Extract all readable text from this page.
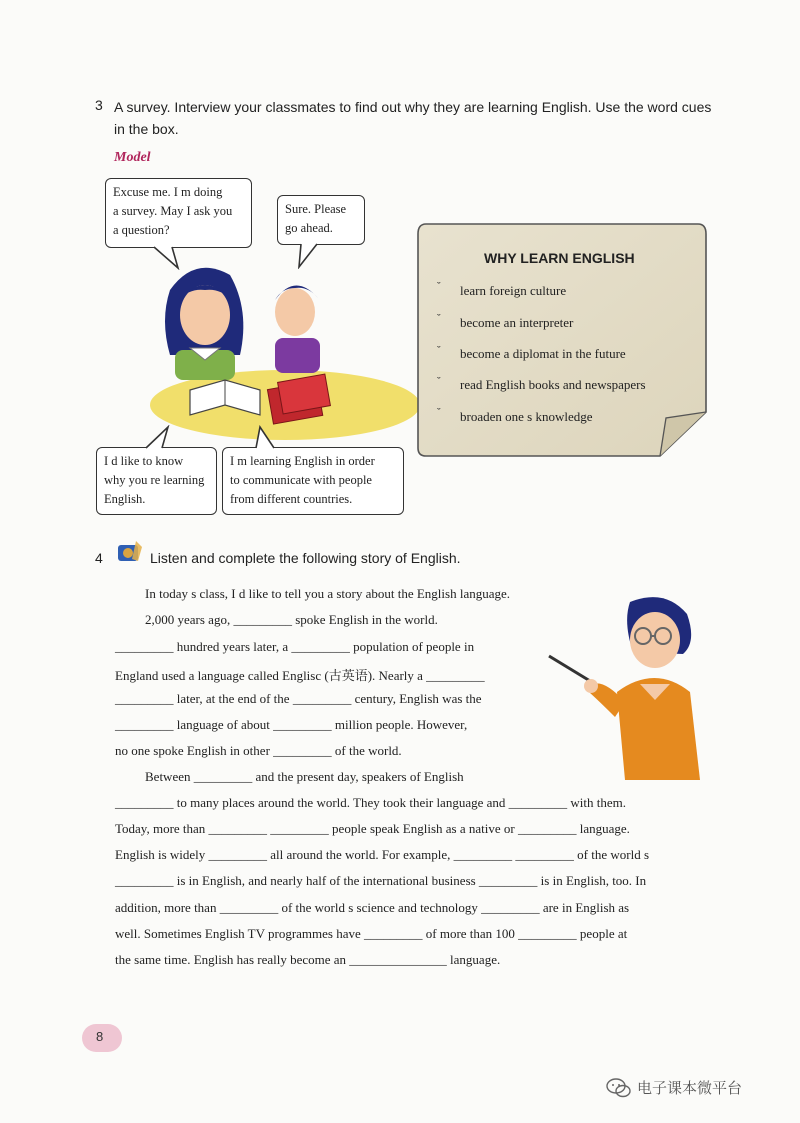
3 A survey. Interview your classmates to find out why they are learning English. Use the word cues in the box.
Model
Excuse me. I m doing
a survey. May I ask you
a question?
Sure. Please
go ahead.
I d like to know
why you re learning
English.
I m learning English in order
to communicate with people
from different countries.
WHY LEARN ENGLISH
ˇ learn foreign culture
ˇ become an interpreter
ˇ become a diplomat in the future
ˇ read English books and newspapers
ˇ broaden one s knowledge
4	Listen and complete the following story of English.
In today s class, I d like to tell you a story about the English language.
2,000 years ago, _________ spoke English in the world.
_________ hundred years later, a _________ population of people in
England used a language called Englisc (古英语). Nearly a _________
_________ later, at the end of the _________ century, English was the
_________ language of about _________ million people. However,
no one spoke English in other _________ of the world.
Between _________ and the present day, speakers of English
_________ to many places around the world. They took their language and _________ with them.
Today, more than _________ _________ people speak English as a native or _________ language.
English is widely _________ all around the world. For example, _________ _________ of the world s
_________ is in English, and nearly half of the international business _________ is in English, too. In
addition, more than _________ of the world s science and technology _________ are in English as
well. Sometimes English TV programmes have _________ of more than 100 _________ people at
the same time. English has really become an _______________ language.
8
电子课本微平台
